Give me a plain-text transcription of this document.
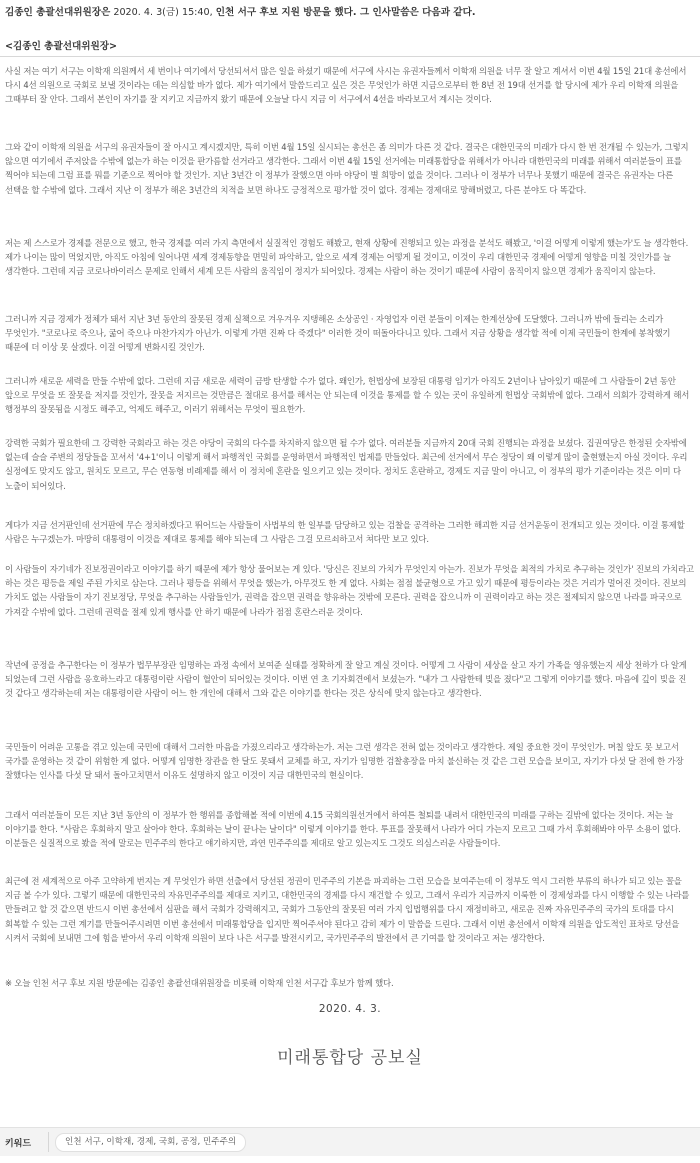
김종인 총괄선대위원장은 2020. 4. 3(금) 15:40, 인천 서구 후보 지원 방문을 했다. 그 인사말씀은 다음과 같다.
<김종인 총괄선대위원장>
사실 저는 여기 서구는 이학재 의원께서 세 번이나 여기에서 당선되셔서 많은 일을 하셨기 때문에 서구에 사시는 유권자들께서 이학재 의원을 너무 잘 알고 계셔서 이번 4월 15일 21대 총선에서 다시 4선 의원으로 국회로 보낼 것이라는 데는 의심할 바가 없다. 제가 여기에서 말씀드리고 싶은 것은 무엇인가 하면 지금으로부터 한 8년 전 19대 선거를 할 당시에 제가 우리 이학재 의원을 그때부터 잘 안다. 그래서 본인이 자기를 잘 지키고 지금까지 왔기 때문에 오늘날 다시 지금 이 서구에서 4선을 바라보고서 계시는 것이다.
그와 같이 이학재 의원을 서구의 유권자들이 잘 아시고 계시겠지만, 특히 이번 4월 15일 실시되는 총선은 좀 의미가 다른 것 같다. 결국은 대한민국의 미래가 다시 한 번 전개될 수 있는가, 그렇지 않으면 여기에서 주저앉을 수밖에 없는가 하는 이것을 판가름할 선거라고 생각한다. 그래서 이번 4월 15일 선거에는 미래통합당을 위해서가 아니라 대한민국의 미래를 위해서 여러분들이 표를 찍어야 되는데 그럼 표를 뭐를 기준으로 찍어야 할 것인가. 지난 3년간 이 정부가 잘했으면 아마 야당이 별 희망이 없을 것이다. 그러나 이 정부가 너무나 못했기 때문에 결국은 유권자는 다른 선택을 할 수밖에 없다. 그래서 지난 이 정부가 해온 3년간의 치적을 보면 하나도 긍정적으로 평가할 것이 없다. 경제는 경제대로 망해버렸고, 다른 분야도 다 똑같다.
저는 제 스스로가 경제를 전문으로 했고, 한국 경제를 여러 가지 측면에서 실질적인 경험도 해봤고, 현재 상황에 진행되고 있는 과정을 분석도 해봤고, '이걸 어떻게 이렇게 했는가'도 늘 생각한다. 제가 나이는 많이 먹었지만, 아직도 아침에 일어나면 세계 경제동향을 면밀히 파악하고, 앞으로 세계 경제는 어떻게 될 것이고, 이것이 우리 대한민국 경제에 어떻게 영향을 미칠 것인가를 늘 생각한다. 그런데 지금 코로나바이러스 문제로 인해서 세계 모든 사람의 움직임이 정지가 되어있다. 경제는 사람이 하는 것이기 때문에 사람이 움직이지 않으면 경제가 움직이지 않는다.
그러니까 지금 경제가 정체가 돼서 지난 3년 동안의 잘못된 경제 실책으로 겨우겨우 지탱해온 소상공인 · 자영업자 이런 분들이 이제는 한계선상에 도달했다. 그러니까 밖에 들리는 소리가 무엇인가. "코로나로 죽으나, 굶어 죽으나 마찬가지가 아닌가. 이렇게 가면 진짜 다 죽겠다" 이러한 것이 떠돌아다니고 있다. 그래서 지금 상황을 생각할 적에 이제 국민들이 한계에 봉착했기 때문에 더 이상 못 살겠다. 이걸 어떻게 변화시킬 것인가.
그러니까 새로운 세력을 만들 수밖에 없다. 그런데 지금 새로운 세력이 금방 탄생할 수가 없다. 왜인가, 헌법상에 보장된 대통령 임기가 아직도 2년이나 남아있기 때문에 그 사람들이 2년 동안 앞으로 무엇을 또 잘못을 저지를 것인가, 잘못을 저지르는 것만큼은 절대로 용서를 해서는 안 되는데 이것을 통제를 할 수 있는 곳이 유일하게 헌법상 국회밖에 없다. 그래서 의회가 강력하게 해서 행정부의 잘못됨을 시정도 해주고, 억제도 해주고, 이러기 위해서는 무엇이 필요한가.
강력한 국회가 필요한데 그 강력한 국회라고 하는 것은 야당이 국회의 다수를 차지하지 않으면 될 수가 없다. 여러분들 지금까지 20대 국회 진행되는 과정을 보셨다. 집권여당은 한정된 숫자밖에 없는데 슬슬 주변의 정당들을 꼬셔서 '4+1'이니 이렇게 해서 파행적인 국회를 운영하면서 파행적인 법제를 만들었다. 최근에 선거에서 무슨 정당이 왜 이렇게 많이 출현했는지 아실 것이다. 우리 실정에도 맞지도 않고, 원치도 모르고, 무슨 연동형 비례제를 해서 이 정치에 혼란을 일으키고 있는 것이다. 정치도 혼란하고, 경제도 지금 말이 아니고, 이 정부의 평가 기준이라는 것은 이미 다 노출이 되어있다.
게다가 지금 선거판인데 선거판에 무슨 정치하겠다고 뛰어드는 사람들이 사법부의 한 일부를 담당하고 있는 검찰을 공격하는 그러한 해괴한 지금 선거운동이 전개되고 있는 것이다. 이걸 통제할 사람은 누구겠는가. 마땅히 대통령이 이것을 제대로 통제를 해야 되는데 그 사람은 그걸 모르쇠하고서 쳐다만 보고 있다.
이 사람들이 자기네가 진보정권이라고 이야기를 하기 때문에 제가 항상 물어보는 게 있다. '당신은 진보의 가치가 무엇인지 아는가. 진보가 무엇을 최적의 가치로 추구하는 것인가' 진보의 가치라고 하는 것은 평등을 제일 주된 가치로 삼는다. 그러나 평등을 위해서 무엇을 했는가, 아무것도 한 게 없다. 사회는 점점 불균형으로 가고 있기 때문에 평등이라는 것은 거리가 멀어진 것이다. 진보의 가치도 없는 사람들이 자기 진보정당, 무엇을 추구하는 사람들인가, 권력을 잡으면 권력을 향유하는 것밖에 모른다. 권력을 잡으니까 이 권력이라고 하는 것은 절제되지 않으면 나라를 파국으로 가져갈 수밖에 없다. 그런데 권력을 절제 있게 행사를 안 하기 때문에 나라가 점점 혼란스러운 것이다.
작년에 공정을 추구한다는 이 정부가 법무부장관 임명하는 과정 속에서 보여준 실태를 정확하게 잘 알고 계실 것이다. 어떻게 그 사람이 세상을 살고 자기 가족을 영유했는지 세상 천하가 다 알게 되었는데 그런 사람을 옹호하느라고 대통령이란 사람이 혈안이 되어있는 것이다. 이번 연 초 기자회견에서 보셨는가. "내가 그 사람한테 빚을 졌다"고 그렇게 이야기를 했다. 마음에 깊이 빚을 진 것 같다고 생각하는데 저는 대통령이란 사람이 어느 한 개인에 대해서 그와 같은 이야기를 한다는 것은 상식에 맞지 않는다고 생각한다.
국민들이 어려운 고통을 겪고 있는데 국민에 대해서 그러한 마음을 가졌으리라고 생각하는가. 저는 그런 생각은 전혀 없는 것이라고 생각한다. 제일 중요한 것이 무엇인가. 며칠 앞도 못 보고서 국가를 운영하는 것 같이 위험한 게 없다. 어떻게 임명한 장관을 한 달도 못돼서 교체를 하고, 자기가 임명한 검찰총장을 마치 불신하는 것 같은 그런 모습을 보이고, 자기가 다섯 달 전에 한 가장 잘했다는 인사를 다섯 달 돼서 돌아고치면서 이유도 설명하지 않고 이것이 지금 대한민국의 현실이다.
그래서 여러분들이 모든 지난 3년 동안의 이 정부가 한 행위를 종합해볼 적에 이번에 4.15 국회의원선거에서 하여튼 철퇴를 내려서 대한민국의 미래를 구하는 길밖에 없다는 것이다. 저는 늘 이야기를 한다. "사람은 후회하지 말고 살아야 한다. 후회하는 날이 끝나는 날이다" 이렇게 이야기를 한다. 투표를 잘못해서 나라가 어디 가는지 모르고 그때 가서 후회해봐야 아무 소용이 없다. 이분들은 실질적으로 봤을 적에 말로는 민주주의 한다고 얘기하지만, 과연 민주주의를 제대로 알고 있는지도 그것도 의심스러운 사람들이다.
최근에 전 세계적으로 아주 고약하게 번지는 게 무엇인가 하면 선출에서 당선된 정권이 민주주의 기본을 파괴하는 그런 모습을 보여주는데 이 정부도 역시 그러한 부류의 하나가 되고 있는 꼴을 지금 볼 수가 있다. 그렇기 때문에 대한민국의 자유민주주의를 제대로 지키고, 대한민국의 경제를 다시 재건할 수 있고, 그래서 우리가 지금까지 이룩한 이 경제성과를 다시 이행할 수 있는 나라를 만들려고 할 것 같으면 반드시 이번 총선에서 심판을 해서 국회가 강력해지고, 국회가 그동안의 잘못된 여러 가지 입법행위를 다시 재정비하고, 새로운 진짜 자유민주주의 국가의 토대를 다시 회복할 수 있는 그런 계기를 만들어주시려면 이번 총선에서 미래통합당을 입지만 찍어주셔야 된다고 감히 제가 이 말씀을 드린다. 그래서 이번 총선에서 이학재 의원을 압도적인 표차로 당선을 시켜서 국회에 보내면 그에 힘을 받아서 우리 이학재 의원이 보다 나은 서구를 발전시키고, 국가민주주의 발전에서 큰 기여를 할 것이라고 저는 생각한다.
※ 오늘 인천 서구 후보 지원 방문에는 김종인 총괄선대위원장을 비롯해 이학재 인천 서구갑 후보가 함께 했다.
2020. 4. 3.
미래통합당 공보실
키워드	인천 서구, 이학재, 경제, 국회, 공정, 민주주의
